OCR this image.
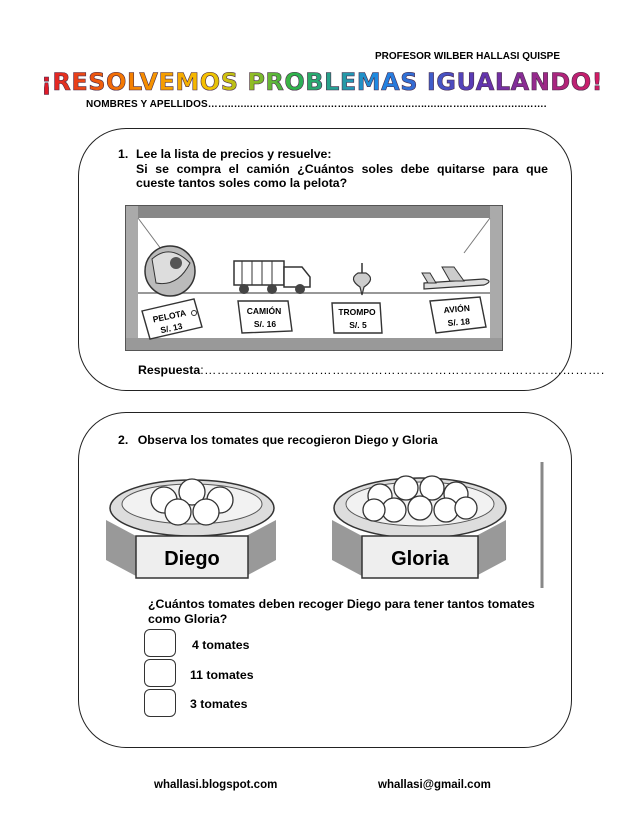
PROFESOR WILBER HALLASI QUISPE
¡RESOLVEMOS PROBLEMAS IGUALANDO!
NOMBRES Y APELLIDOS……..…..…….…..…….…..……..…..……..…..…..…..……..…..…….…..…….
1. Lee la lista de precios y resuelve:
Si se compra el camión ¿Cuántos soles debe quitarse para que cueste tantos soles como la pelota?
PELOTA
S/. 13
CAMIÓN
S/. 16
TROMPO
S/. 5
AVIÓN
S/. 18
Respuesta:………………………………………………………………………………….
2. Observa los tomates que recogieron Diego y Gloria
Diego	Gloria
¿Cuántos tomates deben recoger Diego para tener tantos tomates como Gloria?
4 tomates
11 tomates
3 tomates
whallasi.blogspot.com	whallasi@gmail.com
